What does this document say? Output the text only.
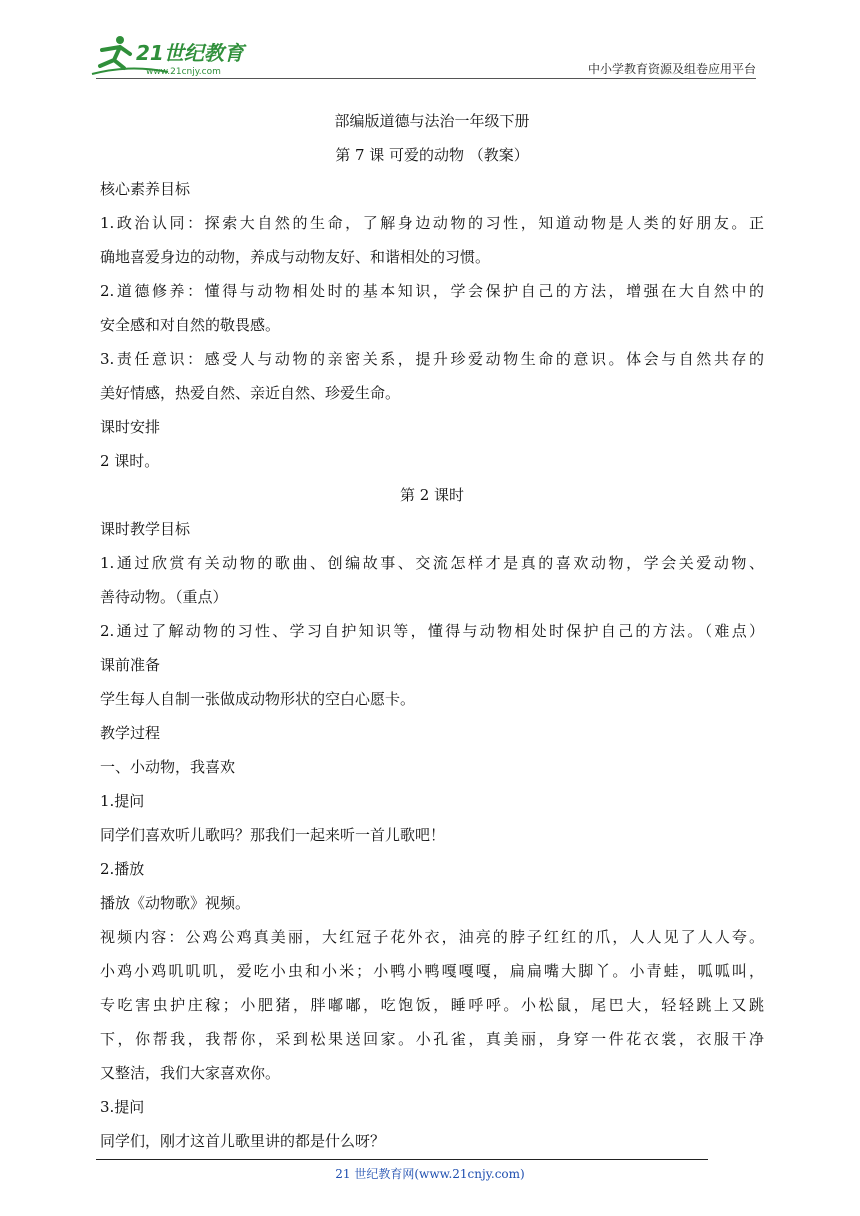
21世纪教育
www.21cnjy.com	中小学教育资源及组卷应用平台
部编版道德与法治一年级下册
第 7 课 可爱的动物 （教案）
核心素养目标
1.政治认同：探索大自然的生命，了解身边动物的习性，知道动物是人类的好朋友。正
确地喜爱身边的动物，养成与动物友好、和谐相处的习惯。
2.道德修养：懂得与动物相处时的基本知识，学会保护自己的方法，增强在大自然中的
安全感和对自然的敬畏感。
3.责任意识：感受人与动物的亲密关系，提升珍爱动物生命的意识。体会与自然共存的
美好情感，热爱自然、亲近自然、珍爱生命。
课时安排
2 课时。
第 2 课时
课时教学目标
1.通过欣赏有关动物的歌曲、创编故事、交流怎样才是真的喜欢动物，学会关爱动物、
善待动物。（重点）
2.通过了解动物的习性、学习自护知识等，懂得与动物相处时保护自己的方法。（难点）
课前准备
学生每人自制一张做成动物形状的空白心愿卡。
教学过程
一、小动物，我喜欢
1.提问
同学们喜欢听儿歌吗？那我们一起来听一首儿歌吧！
2.播放
播放《动物歌》视频。
视频内容：公鸡公鸡真美丽，大红冠子花外衣，油亮的脖子红红的爪，人人见了人人夸。
小鸡小鸡叽叽叽，爱吃小虫和小米；小鸭小鸭嘎嘎嘎，扁扁嘴大脚丫。小青蛙，呱呱叫，
专吃害虫护庄稼；小肥猪，胖嘟嘟，吃饱饭，睡呼呼。小松鼠，尾巴大，轻轻跳上又跳
下，你帮我，我帮你，采到松果送回家。小孔雀，真美丽，身穿一件花衣裳，衣服干净
又整洁，我们大家喜欢你。
3.提问
同学们，刚才这首儿歌里讲的都是什么呀？
21 世纪教育网(www.21cnjy.com)
